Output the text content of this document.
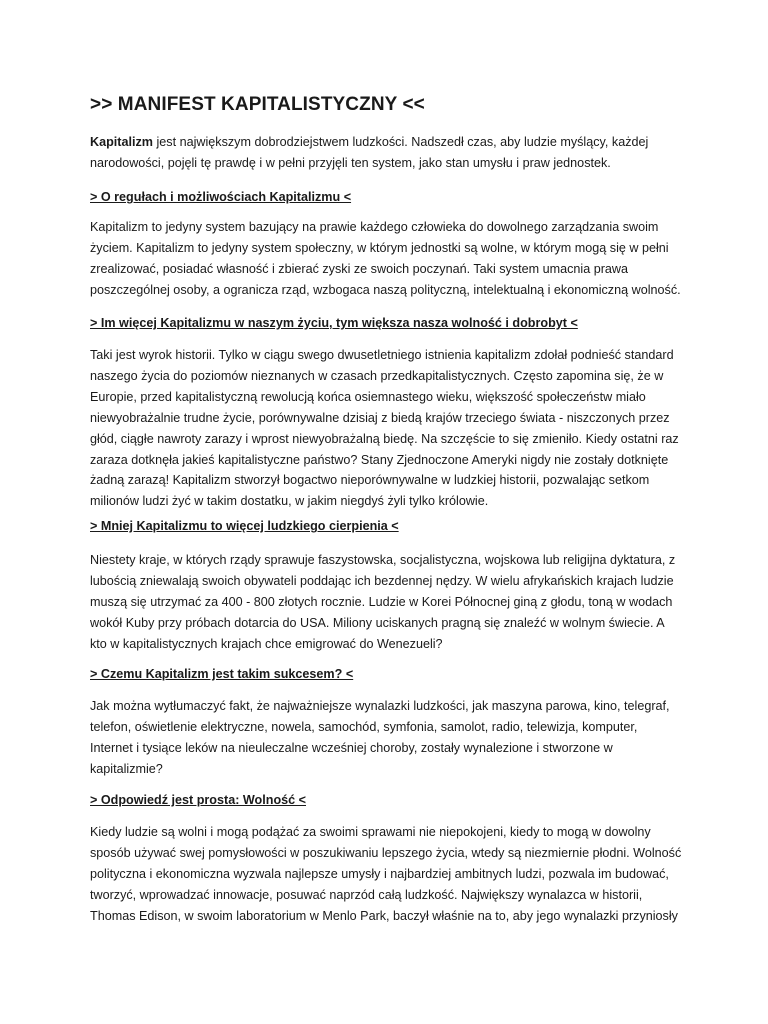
>> MANIFEST KAPITALISTYCZNY <<

Kapitalizm jest największym dobrodziejstwem ludzkości. Nadszedł czas, aby ludzie myślący, każdej
narodowości, pojęli tę prawdę i w pełni przyjęli ten system, jako stan umysłu i praw jednostek.

> O regułach i możliwościach Kapitalizmu <

Kapitalizm to jedyny system bazujący na prawie każdego człowieka do dowolnego zarządzania swoim
życiem. Kapitalizm to jedyny system społeczny, w którym jednostki są wolne, w którym mogą się w pełni
zrealizować, posiadać własność i zbierać zyski ze swoich poczynań. Taki system umacnia prawa
poszczególnej osoby, a ogranicza rząd, wzbogaca naszą polityczną, intelektualną i ekonomiczną wolność.

> Im więcej Kapitalizmu w naszym życiu, tym większa nasza wolność i dobrobyt <

Taki jest wyrok historii. Tylko w ciągu swego dwusetletniego istnienia kapitalizm zdołał podnieść standard
naszego życia do poziomów nieznanych w czasach przedkapitalistycznych. Często zapomina się, że w
Europie, przed kapitalistyczną rewolucją końca osiemnastego wieku, większość społeczeństw miało
niewyobrażalnie trudne życie, porównywalne dzisiaj z biedą krajów trzeciego świata - niszczonych przez
głód, ciągłe nawroty zarazy i wprost niewyobrażalną biedę. Na szczęście to się zmieniło. Kiedy ostatni raz
zaraza dotknęła jakieś kapitalistyczne państwo? Stany Zjednoczone Ameryki nigdy nie zostały dotknięte
żadną zarazą! Kapitalizm stworzył bogactwo nieporównywalne w ludzkiej historii, pozwalając setkom
milionów ludzi żyć w takim dostatku, w jakim niegdyś żyli tylko królowie.

> Mniej Kapitalizmu to więcej ludzkiego cierpienia <

Niestety kraje, w których rządy sprawuje faszystowska, socjalistyczna, wojskowa lub religijna dyktatura, z
lubością zniewalają swoich obywateli poddając ich bezdennej nędzy. W wielu afrykańskich krajach ludzie
muszą się utrzymać za 400 - 800 złotych rocznie. Ludzie w Korei Północnej giną z głodu, toną w wodach
wokół Kuby przy próbach dotarcia do USA. Miliony uciskanych pragną się znaleźć w wolnym świecie. A
kto w kapitalistycznych krajach chce emigrować do Wenezueli?

> Czemu Kapitalizm jest takim sukcesem? <

Jak można wytłumaczyć fakt, że najważniejsze wynalazki ludzkości, jak maszyna parowa, kino, telegraf,
telefon, oświetlenie elektryczne, nowela, samochód, symfonia, samolot, radio, telewizja, komputer,
Internet i tysiące leków na nieuleczalne wcześniej choroby, zostały wynalezione i stworzone w
kapitalizmie?

> Odpowiedź jest prosta: Wolność <

Kiedy ludzie są wolni i mogą podążać za swoimi sprawami nie niepokojeni, kiedy to mogą w dowolny
sposób używać swej pomysłowości w poszukiwaniu lepszego życia, wtedy są niezmiernie płodni. Wolność
polityczna i ekonomiczna wyzwala najlepsze umysły i najbardziej ambitnych ludzi, pozwala im budować,
tworzyć, wprowadzać innowacje, posuwać naprzód całą ludzkość. Największy wynalazca w historii,
Thomas Edison, w swoim laboratorium w Menlo Park, baczył właśnie na to, aby jego wynalazki przyniosły
